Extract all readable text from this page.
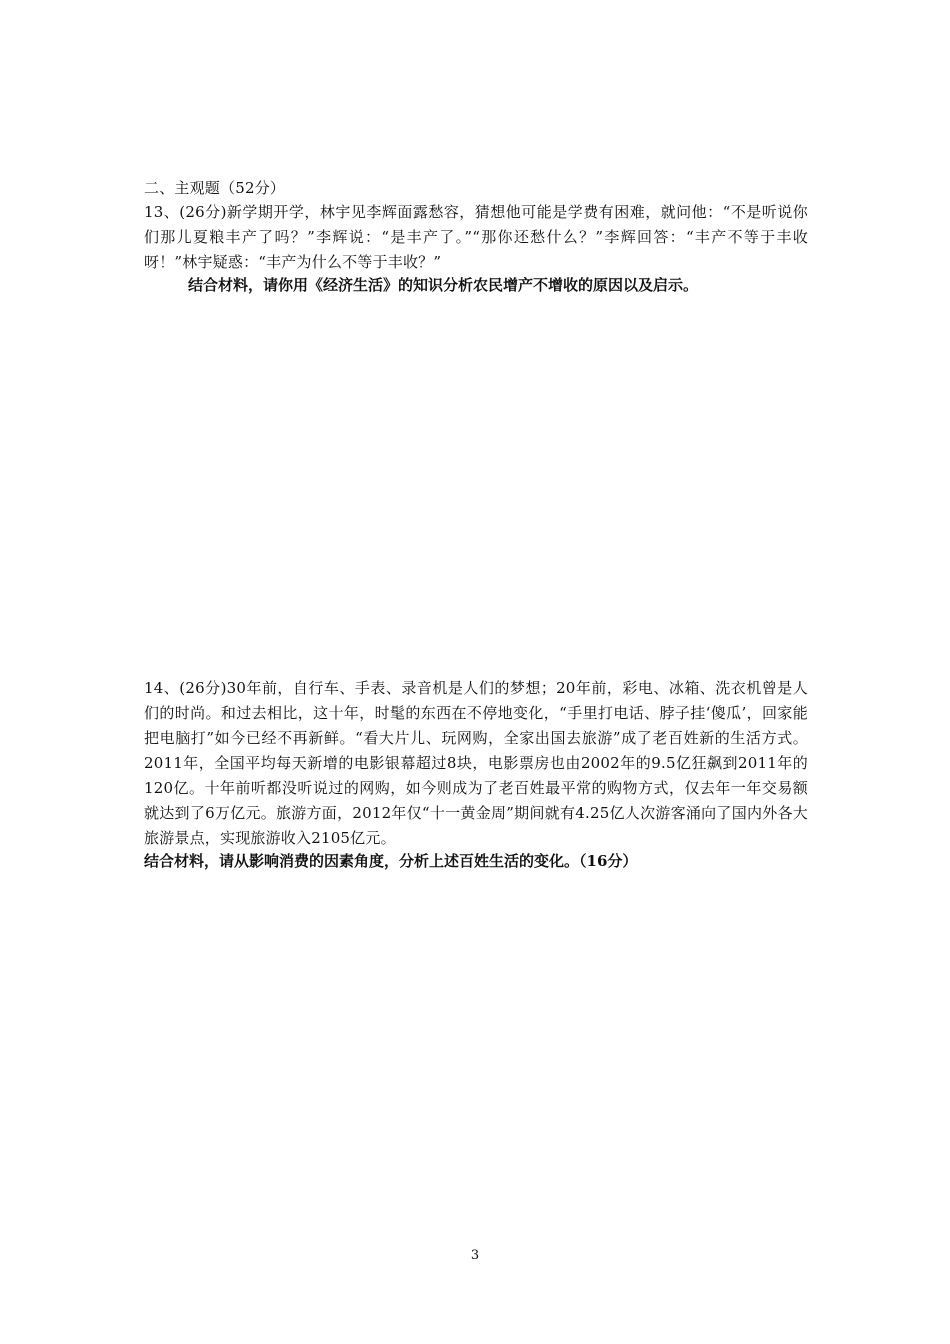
二、主观题（52分）

13、(26分)新学期开学，林宇见李辉面露愁容，猜想他可能是学费有困难，就问他：“不是听说你们那儿夏粮丰产了吗？”李辉说：“是丰产了。”“那你还愁什么？”李辉回答：“丰产不等于丰收呀！”林宇疑惑：“丰产为什么不等于丰收？”

结合材料，请你用《经济生活》的知识分析农民增产不增收的原因以及启示。

14、(26分)30年前，自行车、手表、录音机是人们的梦想；20年前，彩电、冰箱、洗衣机曾是人们的时尚。和过去相比，这十年，时髦的东西在不停地变化，“手里打电话、脖子挂‘傻瓜’，回家能把电脑打”如今已经不再新鲜。“看大片儿、玩网购，全家出国去旅游”成了老百姓新的生活方式。2011年，全国平均每天新增的电影银幕超过8块，电影票房也由2002年的9.5亿狂飙到2011年的120亿。十年前听都没听说过的网购，如今则成为了老百姓最平常的购物方式，仅去年一年交易额就达到了6万亿元。旅游方面，2012年仅“十一黄金周”期间就有4.25亿人次游客涌向了国内外各大旅游景点，实现旅游收入2105亿元。

结合材料，请从影响消费的因素角度，分析上述百姓生活的变化。（16分）
3
